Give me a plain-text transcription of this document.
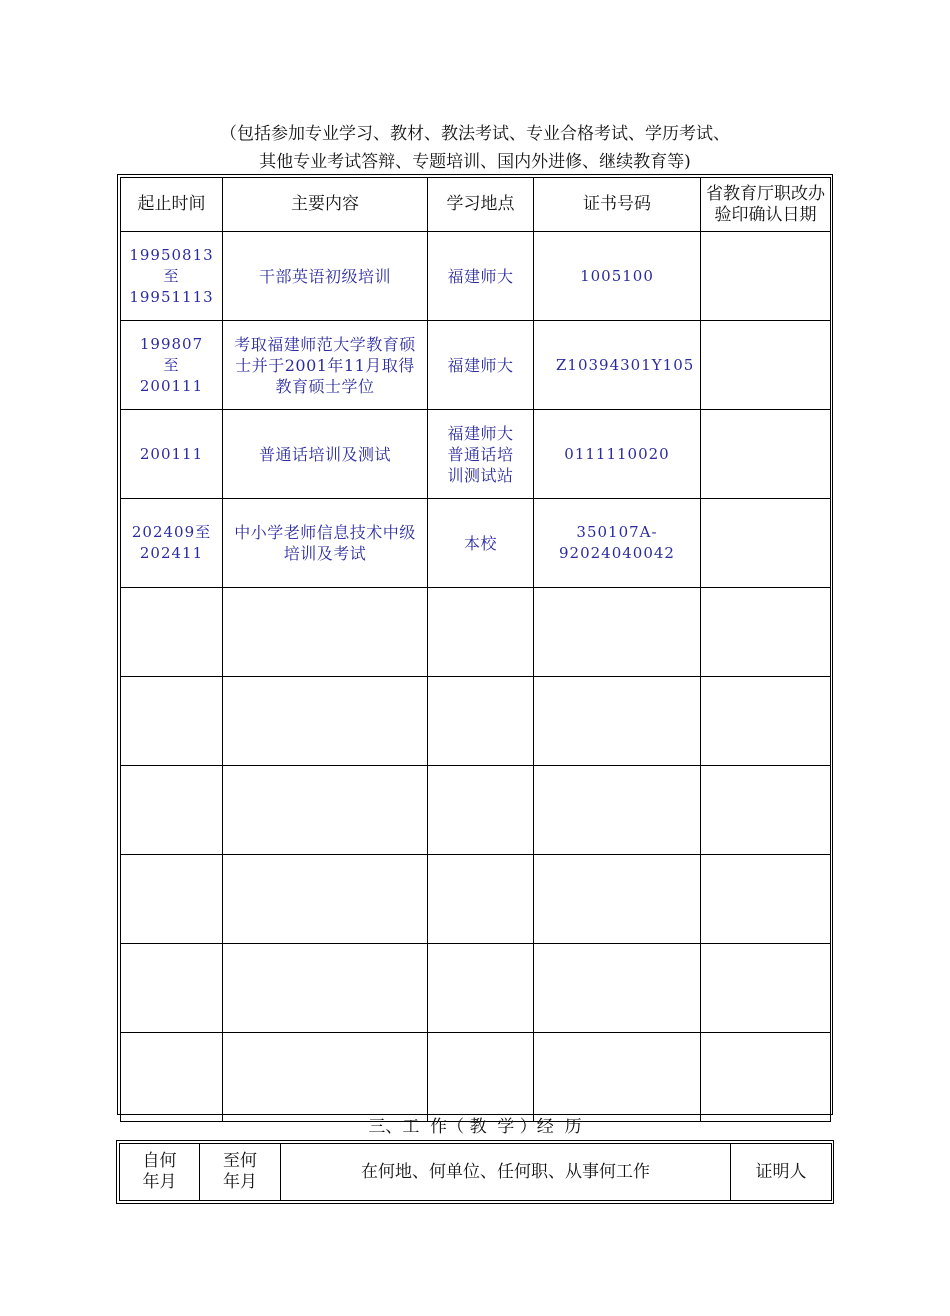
（包括参加专业学习、教材、教法考试、专业合格考试、学历考试、
其他专业考试答辩、专题培训、国内外进修、继续教育等)
起止时间	主要内容	学习地点	证书号码	省教育厅职改办验印确认日期
19950813
至
19951113	干部英语初级培训	福建师大	1005100	
199807
至
200111	考取福建师范大学教育硕士并于2001年11月取得教育硕士学位	福建师大	Z10394301Y105	
200111	普通话培训及测试	福建师大普通话培训测试站	0111110020	
202409至
202411	中小学老师信息技术中级培训及考试	本校	350107A-92024040042	

三、工  作（ 教  学 ）经  历
自何年月	至何年月	在何地、何单位、任何职、从事何工作	证明人
